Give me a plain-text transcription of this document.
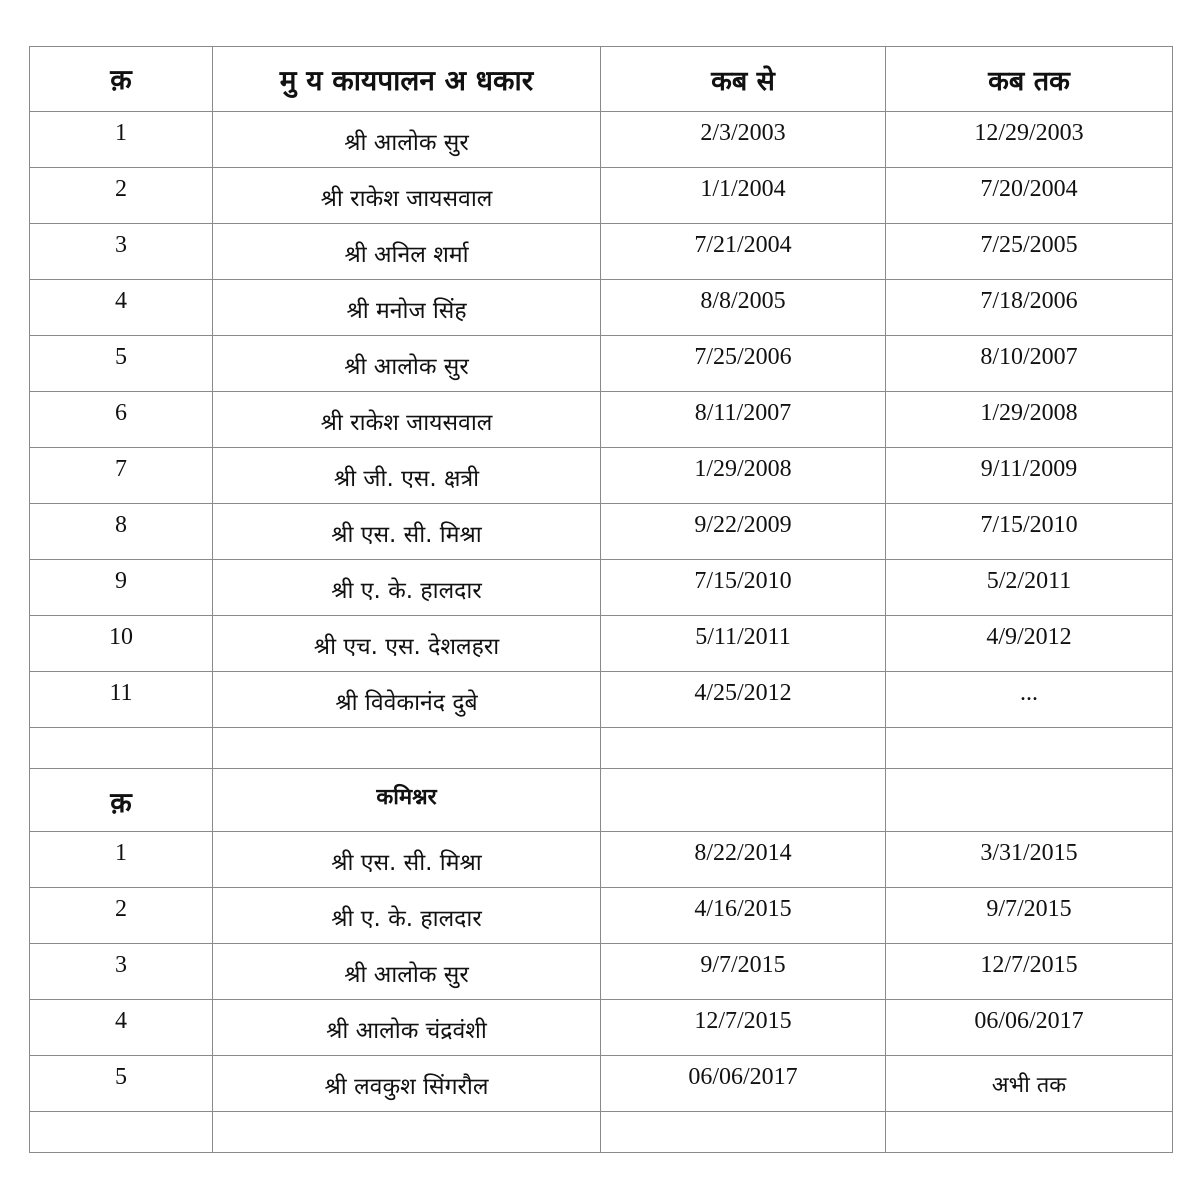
क़	मु य कायपालन अ धकार	कब से	कब तक
1	श्री आलोक सुर	2/3/2003	12/29/2003
2	श्री राकेश जायसवाल	1/1/2004	7/20/2004
3	श्री अनिल शर्मा	7/21/2004	7/25/2005
4	श्री मनोज सिंह	8/8/2005	7/18/2006
5	श्री आलोक सुर	7/25/2006	8/10/2007
6	श्री राकेश जायसवाल	8/11/2007	1/29/2008
7	श्री जी. एस. क्षत्री	1/29/2008	9/11/2009
8	श्री एस. सी. मिश्रा	9/22/2009	7/15/2010
9	श्री ए. के. हालदार	7/15/2010	5/2/2011
10	श्री एच. एस. देशलहरा	5/11/2011	4/9/2012
11	श्री विवेकानंद दुबे	4/25/2012	...

क़	कमिश्नर		
1	श्री एस. सी. मिश्रा	8/22/2014	3/31/2015
2	श्री ए. के. हालदार	4/16/2015	9/7/2015
3	श्री आलोक सुर	9/7/2015	12/7/2015
4	श्री आलोक चंद्रवंशी	12/7/2015	06/06/2017
5	श्री लवकुश सिंगरौल	06/06/2017	अभी तक
